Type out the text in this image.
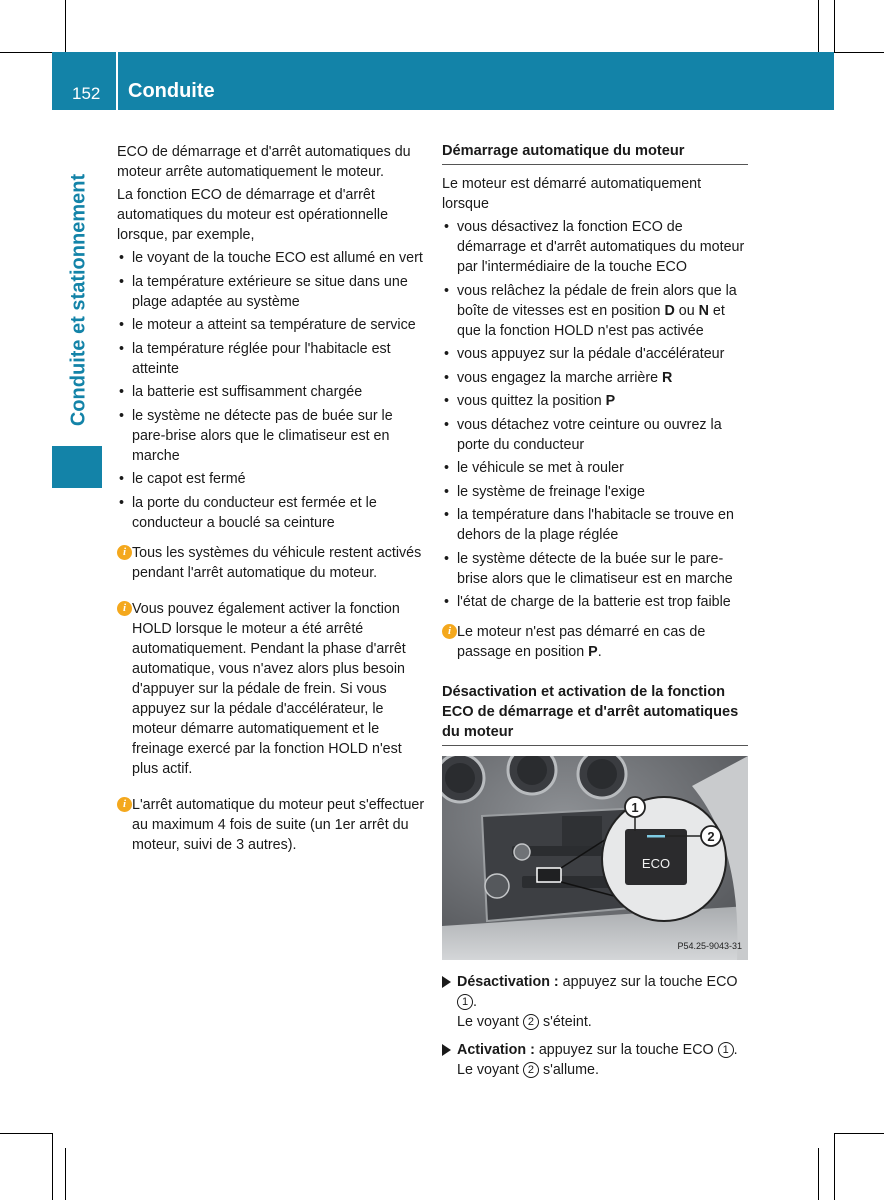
152 Conduite
Conduite et stationnement

ECO de démarrage et d'arrêt automatiques du moteur arrête automatiquement le moteur.

La fonction ECO de démarrage et d'arrêt automatiques du moteur est opérationnelle lorsque, par exemple,

• le voyant de la touche ECO est allumé en vert
• la température extérieure se situe dans une plage adaptée au système
• le moteur a atteint sa température de service
• la température réglée pour l'habitacle est atteinte
• la batterie est suffisamment chargée
• le système ne détecte pas de buée sur le pare-brise alors que le climatiseur est en marche
• le capot est fermé
• la porte du conducteur est fermée et le conducteur a bouclé sa ceinture
i Tous les systèmes du véhicule restent activés pendant l'arrêt automatique du moteur.
i Vous pouvez également activer la fonction HOLD lorsque le moteur a été arrêté automatiquement. Pendant la phase d'arrêt automatique, vous n'avez alors plus besoin d'appuyer sur la pédale de frein. Si vous appuyez sur la pédale d'accélérateur, le moteur démarre automatiquement et le freinage exercé par la fonction HOLD n'est plus actif.
i L'arrêt automatique du moteur peut s'effectuer au maximum 4 fois de suite (un 1er arrêt du moteur, suivi de 3 autres).
Démarrage automatique du moteur

Le moteur est démarré automatiquement lorsque

• vous désactivez la fonction ECO de démarrage et d'arrêt automatiques du moteur par l'intermédiaire de la touche ECO
• vous relâchez la pédale de frein alors que la boîte de vitesses est en position D ou N et que la fonction HOLD n'est pas activée
• vous appuyez sur la pédale d'accélérateur
• vous engagez la marche arrière R
• vous quittez la position P
• vous détachez votre ceinture ou ouvrez la porte du conducteur
• le véhicule se met à rouler
• le système de freinage l'exige
• la température dans l'habitacle se trouve en dehors de la plage réglée
• le système détecte de la buée sur le pare-brise alors que le climatiseur est en marche
• l'état de charge de la batterie est trop faible
i Le moteur n'est pas démarré en cas de passage en position P.
Désactivation et activation de la fonction ECO de démarrage et d'arrêt automatiques du moteur
ECO
1
2
P54.25-9043-31
Désactivation : appuyez sur la touche ECO 1 .
Le voyant 2 s'éteint.
Activation : appuyez sur la touche ECO 1 .
Le voyant 2 s'allume.
